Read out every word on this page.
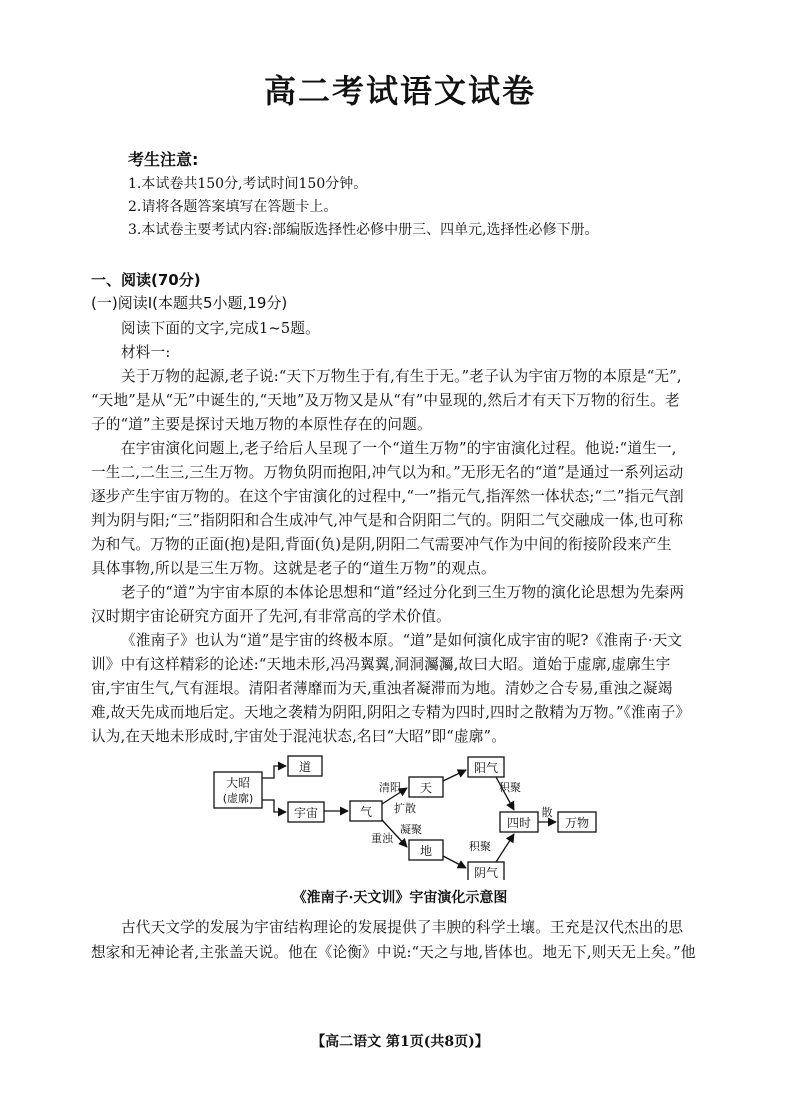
高二考试语文试卷
考生注意:
1.本试卷共150分,考试时间150分钟。
2.请将各题答案填写在答题卡上。
3.本试卷主要考试内容:部编版选择性必修中册三、四单元,选择性必修下册。
一、阅读(70分)
(一)阅读Ⅰ(本题共5小题,19分)
阅读下面的文字,完成1~5题。
材料一:
关于万物的起源,老子说:“天下万物生于有,有生于无。”老子认为宇宙万物的本原是“无”,
“天地”是从“无”中诞生的,“天地”及万物又是从“有”中显现的,然后才有天下万物的衍生。老
子的“道”主要是探讨天地万物的本原性存在的问题。
在宇宙演化问题上,老子给后人呈现了一个“道生万物”的宇宙演化过程。他说:“道生一,
一生二,二生三,三生万物。万物负阴而抱阳,冲气以为和。”无形无名的“道”是通过一系列运动
逐步产生宇宙万物的。在这个宇宙演化的过程中,“一”指元气,指浑然一体状态;“二”指元气剖
判为阴与阳;“三”指阴阳和合生成冲气,冲气是和合阴阳二气的。阴阳二气交融成一体,也可称
为和气。万物的正面(抱)是阳,背面(负)是阴,阴阳二气需要冲气作为中间的衔接阶段来产生
具体事物,所以是三生万物。这就是老子的“道生万物”的观点。
老子的“道”为宇宙本原的本体论思想和“道”经过分化到三生万物的演化论思想为先秦两
汉时期宇宙论研究方面开了先河,有非常高的学术价值。
《淮南子》也认为“道”是宇宙的终极本原。“道”是如何演化成宇宙的呢?《淮南子·天文
训》中有这样精彩的论述:“天地未形,冯冯翼翼,洞洞灟灟,故曰大昭。道始于虚廓,虚廓生宇
宙,宇宙生气,气有涯垠。清阳者薄靡而为天,重浊者凝滞而为地。清妙之合专易,重浊之凝竭
难,故天先成而地后定。天地之袭精为阴阳,阴阳之专精为四时,四时之散精为万物。”《淮南子》
认为,在天地未形成时,宇宙处于混沌状态,名曰“大昭”即“虚廓”。
大昭
(虚廓)
道
宇宙	气
天
地
阳气
阴气
四时	万物
清阳
扩散
重浊
凝聚
积聚
积聚
散
《淮南子·天文训》宇宙演化示意图
古代天文学的发展为宇宙结构理论的发展提供了丰腴的科学土壤。王充是汉代杰出的思
想家和无神论者,主张盖天说。他在《论衡》中说:“天之与地,皆体也。地无下,则天无上矣。”他
【高二语文 第1页(共8页)】
